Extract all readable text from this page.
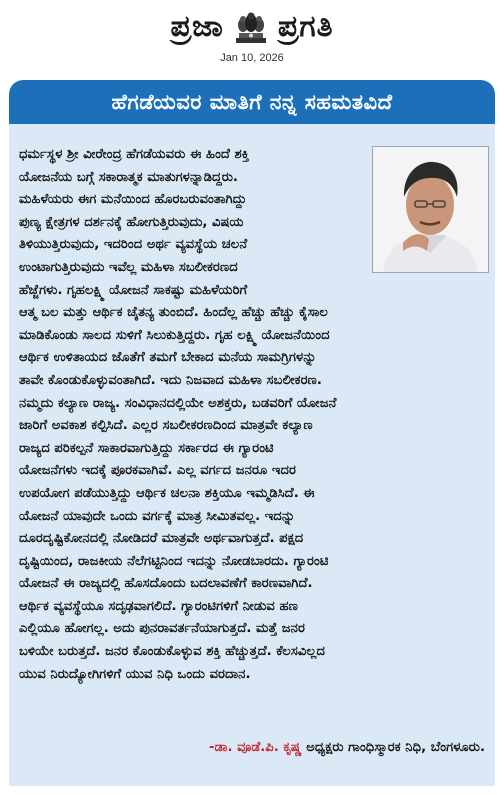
ಪ್ರಜಾ ಪ್ರಗತಿ
Jan 10, 2026
ಹೆಗಡೆಯವರ ಮಾತಿಗೆ ನನ್ನ ಸಹಮತವಿದೆ
ಧರ್ಮಸ್ಥಳ ಶ್ರೀ ವೀರೇಂದ್ರ ಹೆಗಡೆಯವರು ಈ ಹಿಂದೆ ಶಕ್ತಿ
ಯೋಜನೆಯ ಬಗ್ಗೆ ಸಕಾರಾತ್ಮಕ ಮಾತುಗಳನ್ನಾಡಿದ್ದರು.
ಮಹಿಳೆಯರು ಈಗ ಮನೆಯಿಂದ ಹೊರಬರುವಂತಾಗಿದ್ದು
ಪುಣ್ಯ ಕ್ಷೇತ್ರಗಳ ದರ್ಶನಕ್ಕೆ ಹೋಗುತ್ತಿರುವುದು, ವಿಷಯ
ತಿಳಿಯುತ್ತಿರುವುದು, ಇದರಿಂದ ಅರ್ಥ ವ್ಯವಸ್ಥೆಯ ಚಲನೆ
ಉಂಟಾಗುತ್ತಿರುವುದು ಇವೆಲ್ಲ ಮಹಿಳಾ ಸಬಲೀಕರಣದ
ಹೆಜ್ಜೆಗಳು. ಗೃಹಲಕ್ಷ್ಮಿ ಯೋಜನೆ ಸಾಕಷ್ಟು ಮಹಿಳೆಯರಿಗೆ
ಆತ್ಮ ಬಲ ಮತ್ತು ಆರ್ಥಿಕ ಚೈತನ್ಯ ತುಂಬಿದೆ. ಹಿಂದೆಲ್ಲ ಹೆಚ್ಚು ಹೆಚ್ಚು ಕೈಸಾಲ
ಮಾಡಿಕೊಂಡು ಸಾಲದ ಸುಳಿಗೆ ಸಿಲುಕುತ್ತಿದ್ದರು. ಗೃಹ ಲಕ್ಷ್ಮಿ ಯೋಜನೆಯಿಂದ
ಆರ್ಥಿಕ ಉಳಿತಾಯದ ಜೊತೆಗೆ ತಮಗೆ ಬೇಕಾದ ಮನೆಯ ಸಾಮಗ್ರಿಗಳನ್ನು
ತಾವೇ ಕೊಂಡುಕೊಳ್ಳುವಂತಾಗಿದೆ. ಇದು ನಿಜವಾದ ಮಹಿಳಾ ಸಬಲೀಕರಣ.
ನಮ್ಮದು ಕಲ್ಯಾಣ ರಾಜ್ಯ. ಸಂವಿಧಾನದಲ್ಲಿಯೇ ಅಶಕ್ತರು, ಬಡವರಿಗೆ ಯೋಜನೆ
ಜಾರಿಗೆ ಅವಕಾಶ ಕಲ್ಪಿಸಿದೆ. ಎಲ್ಲರ ಸಬಲೀಕರಣದಿಂದ ಮಾತ್ರವೇ ಕಲ್ಯಾಣ
ರಾಜ್ಯದ ಪರಿಕಲ್ಪನೆ ಸಾಕಾರವಾಗುತ್ತಿದ್ದು ಸರ್ಕಾರದ ಈ ಗ್ಯಾರಂಟಿ
ಯೋಜನೆಗಳು ಇದಕ್ಕೆ ಪೂರಕವಾಗಿವೆ. ಎಲ್ಲ ವರ್ಗದ ಜನರೂ ಇದರ
ಉಪಯೋಗ ಪಡೆಯುತ್ತಿದ್ದು ಆರ್ಥಿಕ ಚಲನಾ ಶಕ್ತಿಯೂ ಇಮ್ಮಡಿಸಿದೆ. ಈ
ಯೋಜನೆ ಯಾವುದೇ ಒಂದು ವರ್ಗಕ್ಕೆ ಮಾತ್ರ ಸೀಮಿತವಲ್ಲ. ಇದನ್ನು
ದೂರದೃಷ್ಟಿಕೋನದಲ್ಲಿ ನೋಡಿದರೆ ಮಾತ್ರವೇ ಅರ್ಥವಾಗುತ್ತದೆ. ಪಕ್ಷದ
ದೃಷ್ಟಿಯಿಂದ, ರಾಜಕೀಯ ನೆಲೆಗಟ್ಟಿನಿಂದ ಇದನ್ನು ನೋಡಬಾರದು. ಗ್ಯಾರಂಟಿ
ಯೋಜನೆ ಈ ರಾಜ್ಯದಲ್ಲಿ ಹೊಸದೊಂದು ಬದಲಾವಣೆಗೆ ಕಾರಣವಾಗಿದೆ.
ಆರ್ಥಿಕ ವ್ಯವಸ್ಥೆಯೂ ಸದೃಢವಾಗಲಿದೆ. ಗ್ಯಾರಂಟಿಗಳಿಗೆ ನೀಡುವ ಹಣ
ಎಲ್ಲಿಯೂ ಹೋಗಲ್ಲ. ಅದು ಪುನರಾವರ್ತನೆಯಾಗುತ್ತದೆ. ಮತ್ತೆ ಜನರ
ಬಳಿಯೇ ಬರುತ್ತದೆ. ಜನರ ಕೊಂಡುಕೊಳ್ಳುವ ಶಕ್ತಿ ಹೆಚ್ಚುತ್ತದೆ. ಕೆಲಸವಿಲ್ಲದ
ಯುವ ನಿರುದ್ಯೋಗಿಗಳಿಗೆ ಯುವ ನಿಧಿ ಒಂದು ವರದಾನ.
-ಡಾ. ವೂಡೆ.ಪಿ. ಕೃಷ್ಣ ಅಧ್ಯಕ್ಷರು ಗಾಂಧಿಸ್ಮಾರಕ ನಿಧಿ, ಬೆಂಗಳೂರು.
